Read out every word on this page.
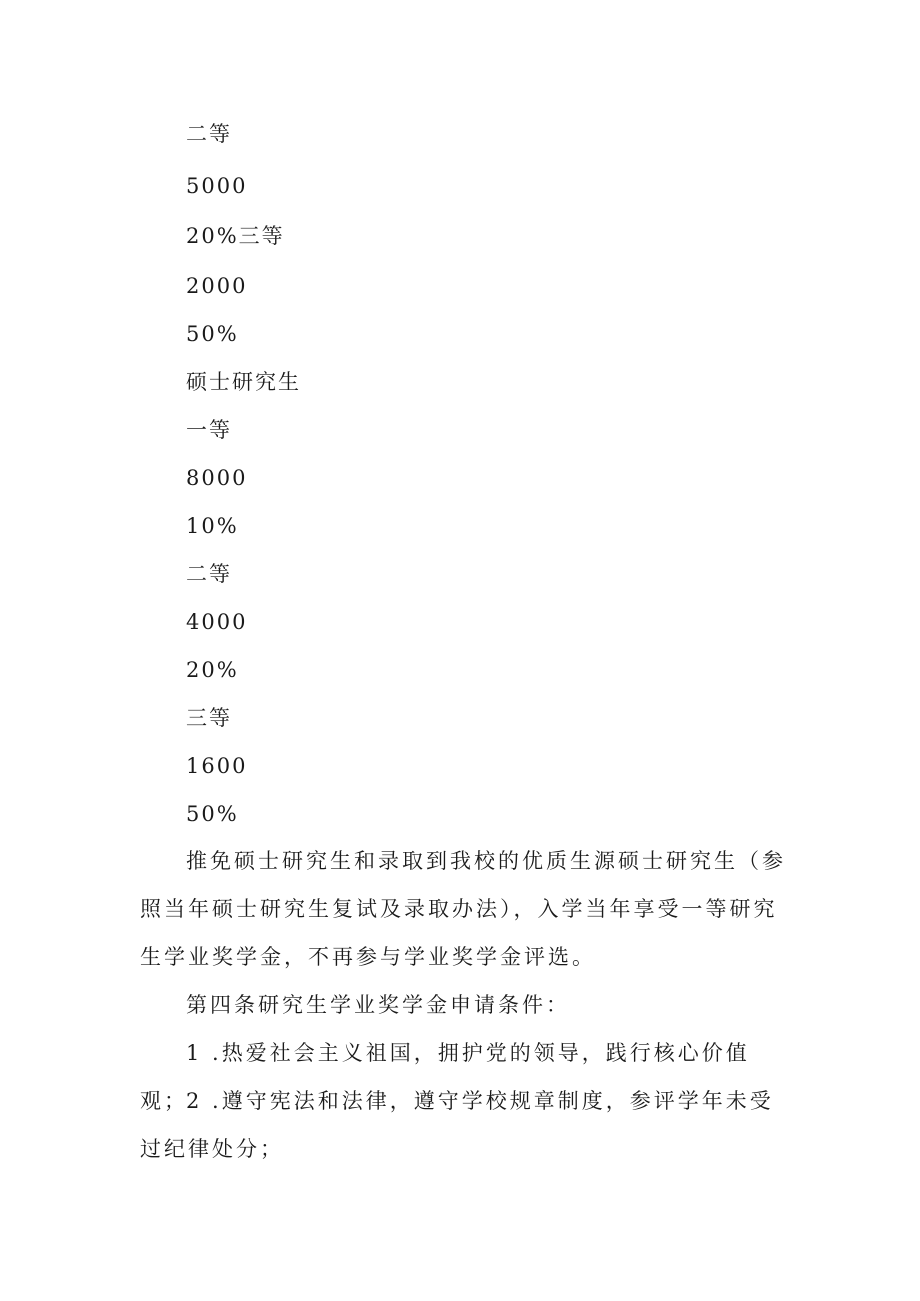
二等
5000
20%三等
2000
50%
硕士研究生
一等
8000
10%
二等
4000
20%
三等
1600
50%

推免硕士研究生和录取到我校的优质生源硕士研究生（参照当年硕士研究生复试及录取办法），入学当年享受一等研究生学业奖学金，不再参与学业奖学金评选。

第四条研究生学业奖学金申请条件：

1 .热爱社会主义祖国，拥护党的领导，践行核心价值观；

2 .遵守宪法和法律，遵守学校规章制度，参评学年未受过纪律处分；
